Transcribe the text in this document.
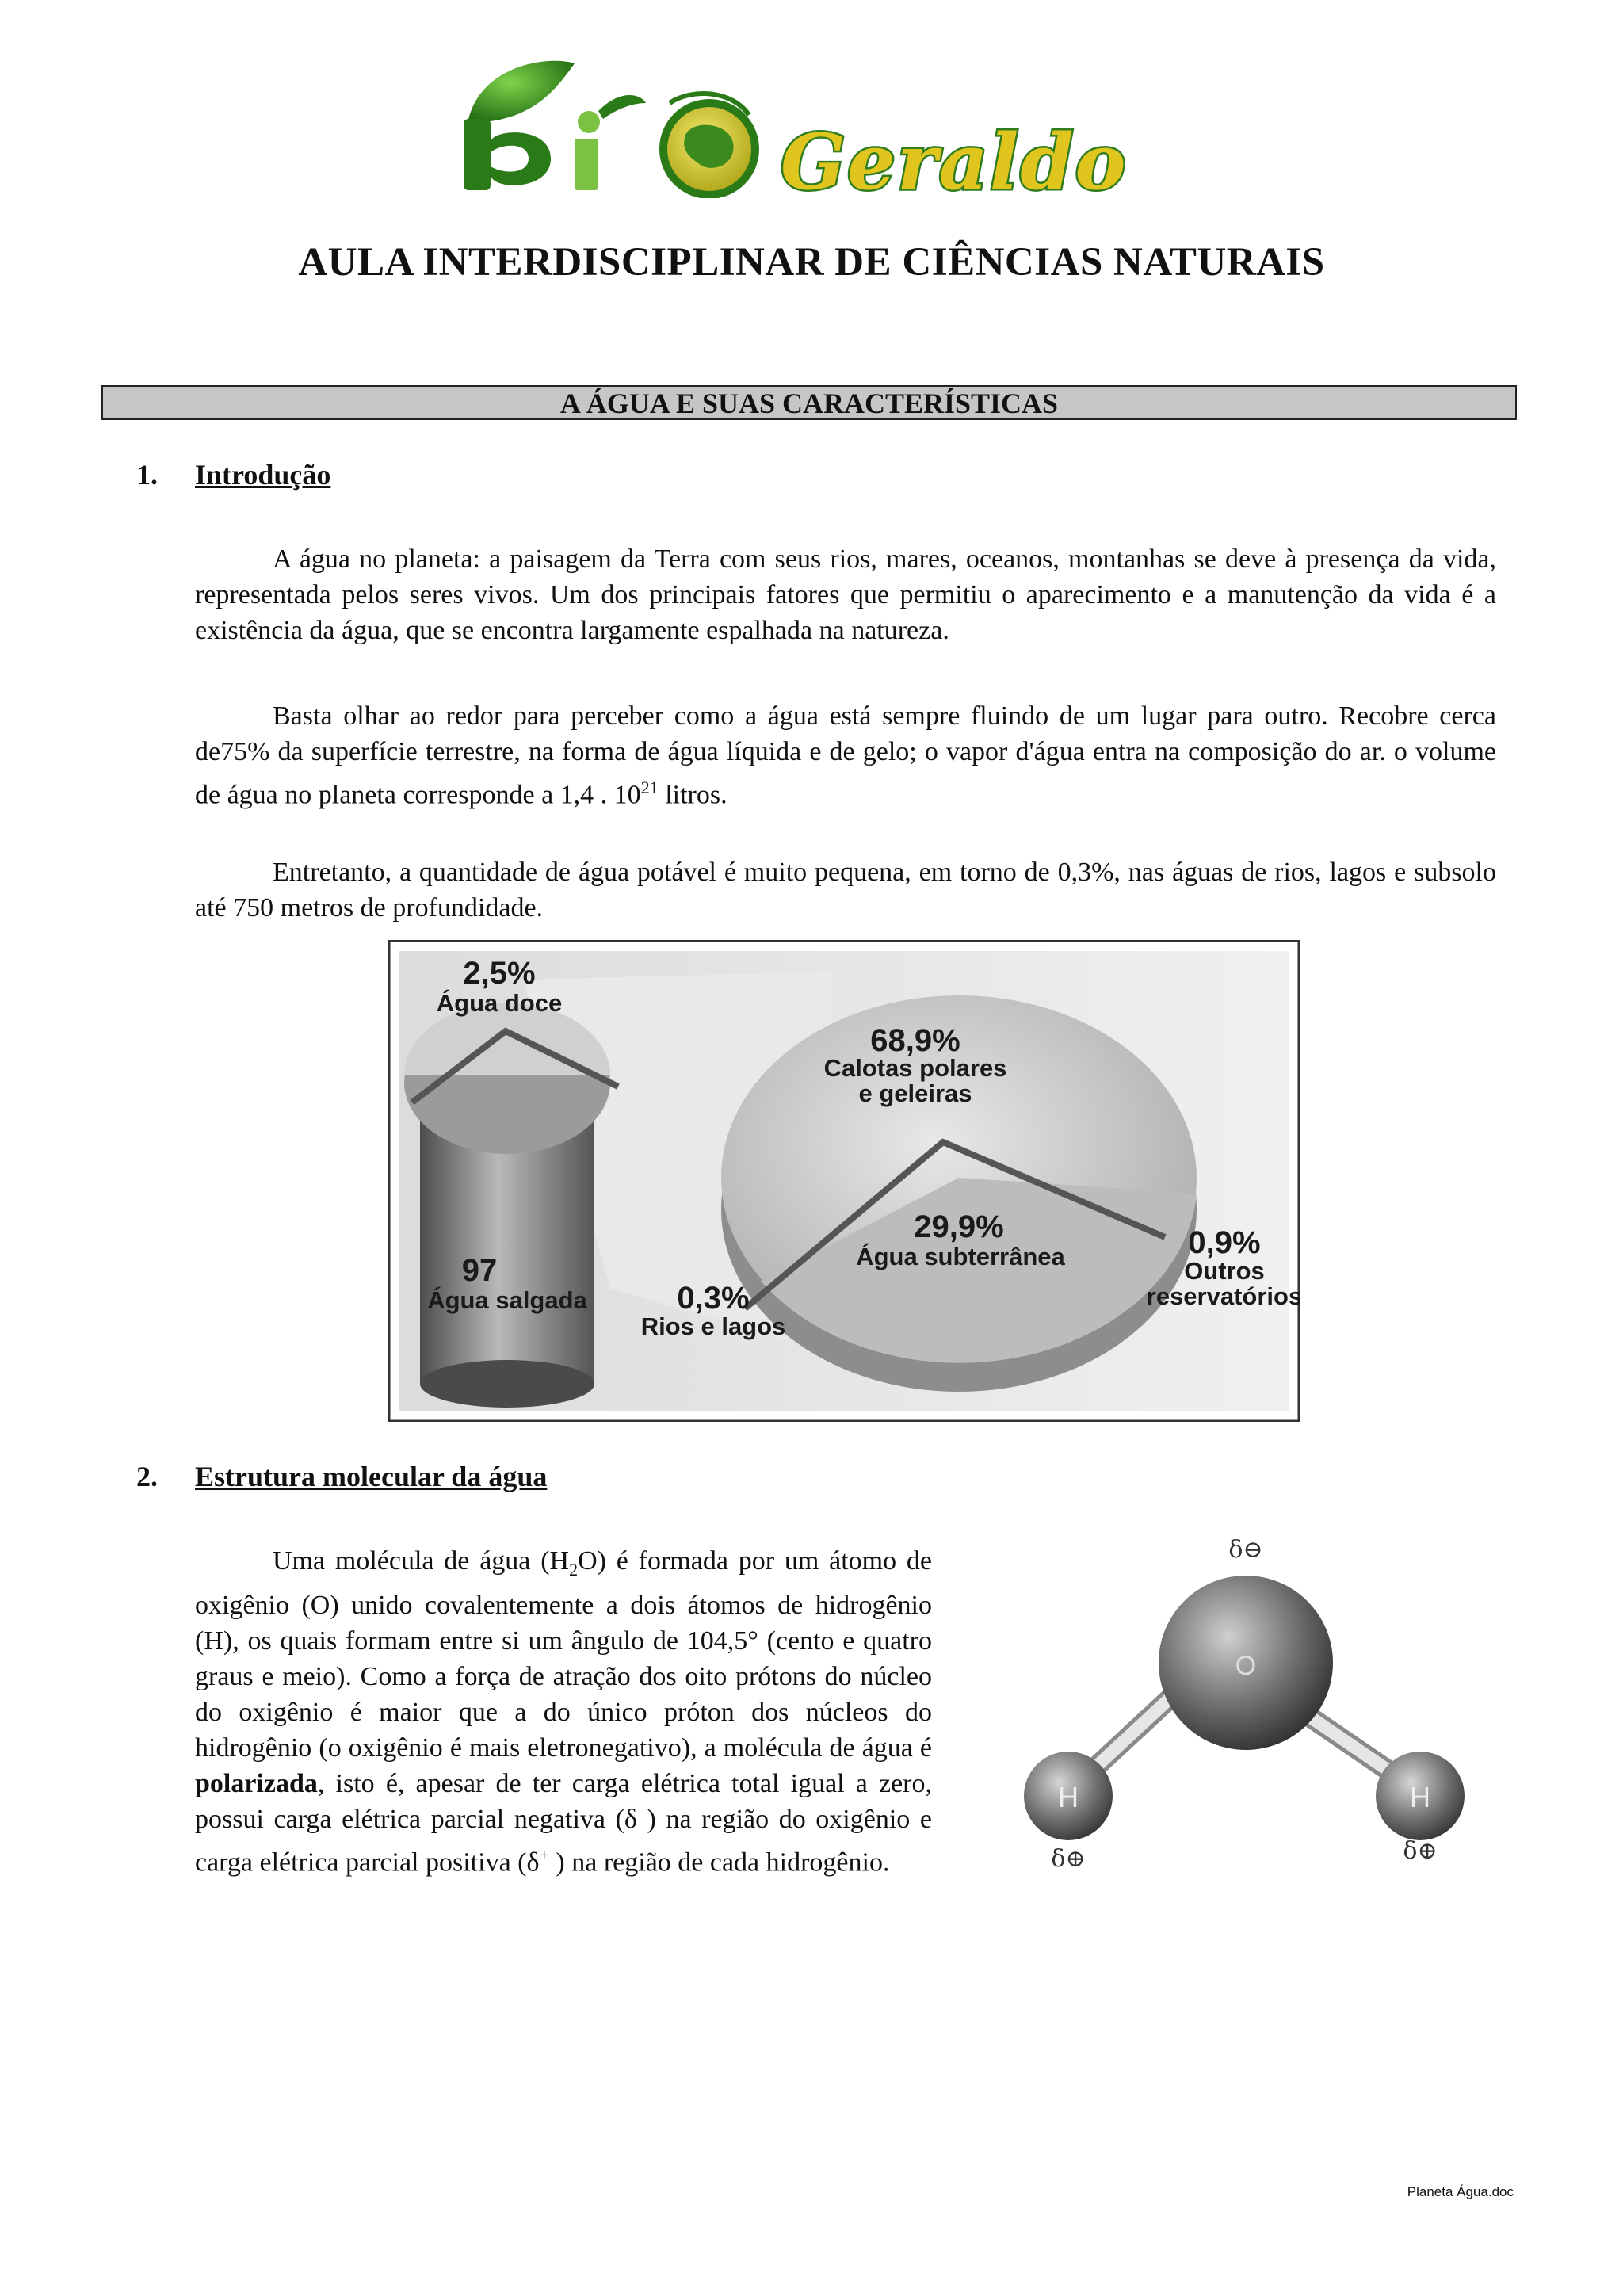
Geraldo
AULA INTERDISCIPLINAR DE CIÊNCIAS NATURAIS
A ÁGUA E SUAS CARACTERÍSTICAS
1. Introdução

A água no planeta: a paisagem da Terra com seus rios, mares, oceanos, montanhas se deve à presença da vida, representada pelos seres vivos. Um dos principais fatores que permitiu o aparecimento e a manutenção da vida é a existência da água, que se encontra largamente espalhada na natureza.

Basta olhar ao redor para perceber como a água está sempre fluindo de um lugar para outro. Recobre cerca de75% da superfície terrestre, na forma de água líquida e de gelo; o vapor d'água entra na composição do ar. o volume de água no planeta corresponde a 1,4 . $10^{21}$ litros.

Entretanto, a quantidade de água potável é muito pequena, em torno de 0,3%, nas águas de rios, lagos e subsolo até 750 metros de profundidade.

2,5%
68,9%
29,9%	0,9%
0,3%
97
Água doce
Calotas polares
e geleiras
Água subterrânea
Outros
reservatórios
Rios e lagos
Água salgada
2. Estrutura molecular da água

Uma molécula de água $(H_2O)$ é formada por um átomo de oxigênio (O) unido covalentemente a dois átomos de hidrogênio (H), os quais formam entre si um ângulo de 104,5° (cento e quatro graus e meio). Como a força de atração dos oito prótons do núcleo do oxigênio é maior que a do único próton dos núcleos do hidrogênio (o oxigênio é mais eletronegativo), a molécula de água é polarizada, isto é, apesar de ter carga elétrica total igual a zero, possui carga elétrica parcial negativa (δ ) na região do oxigênio e carga elétrica parcial positiva (δ+ ) na região de cada hidrogênio.

O
H	H
δ⊖
δ⊕	δ⊕
Planeta Água.doc
